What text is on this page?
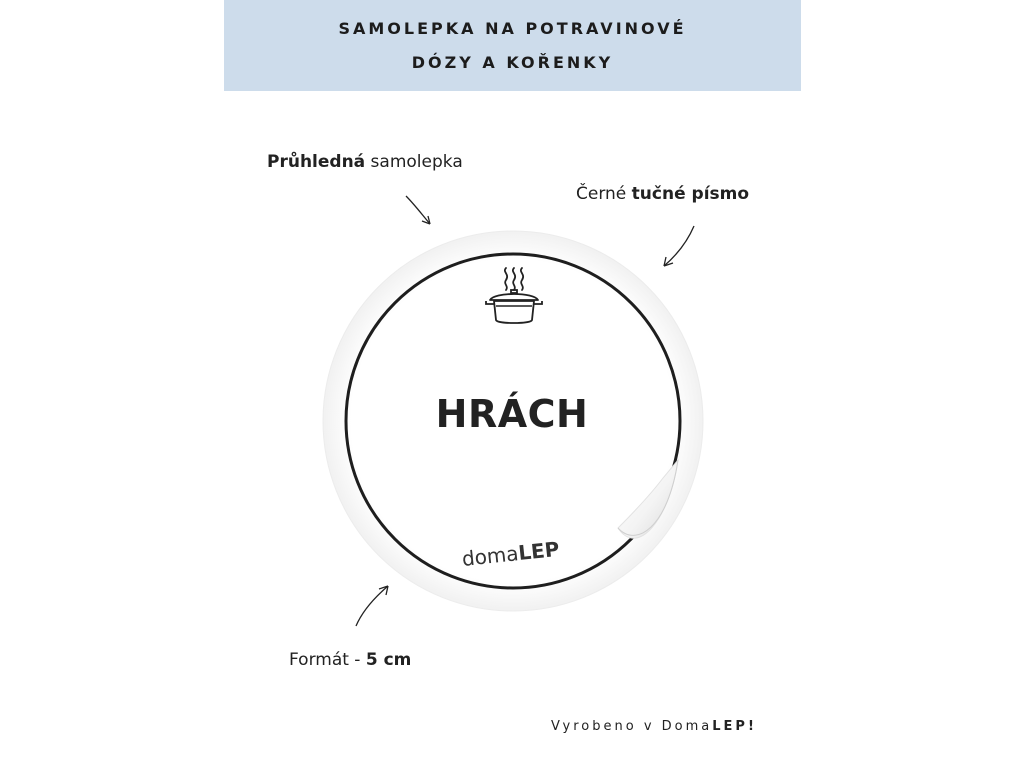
SAMOLEPKA NA POTRAVINOVÉ
DÓZY A KOŘENKY
Průhledná samolepka
Černé tučné písmo
HRÁCH
domaLEP
Formát - 5 cm
Vyrobeno v DomaLEP!
